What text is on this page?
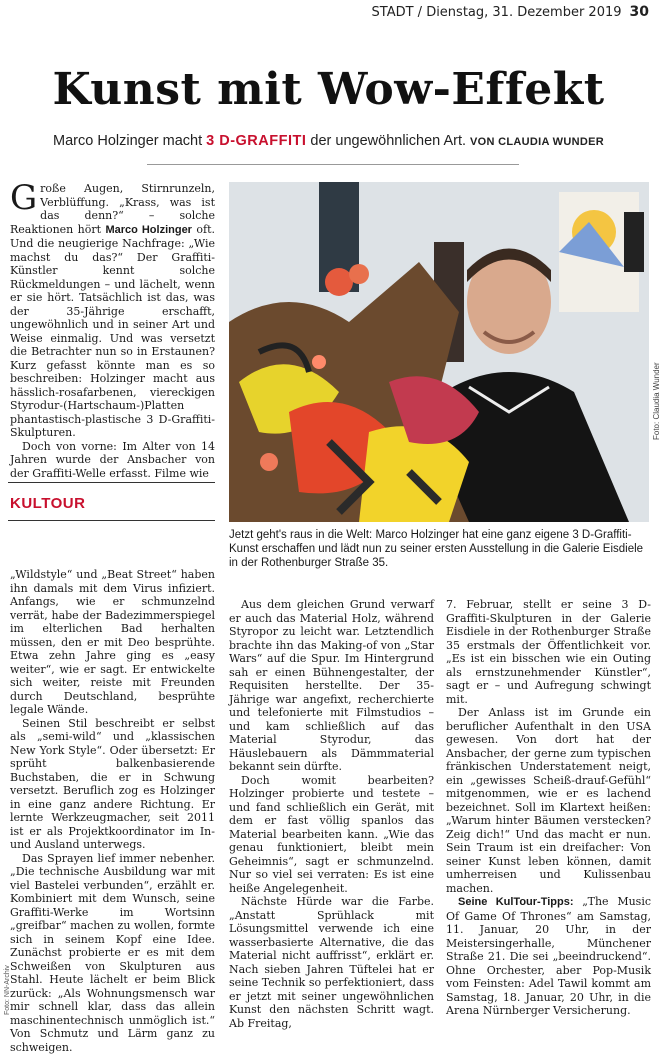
STADT / Dienstag, 31. Dezember 2019 30
Kunst mit Wow-Effekt
Marco Holzinger macht 3 D-GRAFFITI der ungewöhnlichen Art. VON CLAUDIA WUNDER

Große Augen, Stirnrunzeln, Verblüffung. „Krass, was ist das denn?“ – solche Reaktionen hört Marco Holzinger oft. Und die neugierige Nachfrage: „Wie machst du das?“ Der Graffiti-Künstler kennt solche Rückmeldungen – und lächelt, wenn er sie hört. Tatsächlich ist das, was der 35-Jährige erschafft, ungewöhnlich und in seiner Art und Weise einmalig. Und was versetzt die Betrachter nun so in Erstaunen? Kurz gefasst könnte man es so beschreiben: Holzinger macht aus hässlich-rosafarbenen, viereckigen Styrodur-(Hartschaum-)Platten phantastisch-plastische 3 D-Graffiti-Skulpturen.

Doch von vorne: Im Alter von 14 Jahren wurde der Ansbacher von der Graffiti-Welle erfasst. Filme wie

KULTOUR
Foto: Claudia Wunder
Jetzt geht's raus in die Welt: Marco Holzinger hat eine ganz eigene 3 D-Graffiti-Kunst erschaffen und lädt nun zu seiner ersten Ausstellung in die Galerie Eisdiele in der Rothenburger Straße 35.

„Wildstyle“ und „Beat Street“ haben ihn damals mit dem Virus infiziert. Anfangs, wie er schmunzelnd verrät, habe der Badezimmerspiegel im elterlichen Bad herhalten müssen, den er mit Deo besprühte. Etwa zehn Jahre ging es „easy weiter“, wie er sagt. Er entwickelte sich weiter, reiste mit Freunden durch Deutschland, besprühte legale Wände.

Seinen Stil beschreibt er selbst als „semi-wild“ und „klassischen New York Style“. Oder übersetzt: Er sprüht balkenbasierende Buchstaben, die er in Schwung versetzt. Beruflich zog es Holzinger in eine ganz andere Richtung. Er lernte Werkzeugmacher, seit 2011 ist er als Projektkoordinator im In- und Ausland unterwegs.

Das Sprayen lief immer nebenher. „Die technische Ausbildung war mit viel Bastelei verbunden“, erzählt er. Kombiniert mit dem Wunsch, seine Graffiti-Werke im Wortsinn „greifbar“ machen zu wollen, formte sich in seinem Kopf eine Idee. Zunächst probierte er es mit dem Schweißen von Skulpturen aus Stahl. Heute lächelt er beim Blick zurück: „Als Wohnungsmensch war mir schnell klar, dass das allein maschinentechnisch unmöglich ist.“ Von Schmutz und Lärm ganz zu schweigen.

Aus dem gleichen Grund verwarf er auch das Material Holz, während Styropor zu leicht war. Letztendlich brachte ihn das Making-of von „Star Wars“ auf die Spur. Im Hintergrund sah er einen Bühnengestalter, der Requisiten herstellte. Der 35-Jährige war angefixt, recherchierte und telefonierte mit Filmstudios – und kam schließlich auf das Material Styrodur, das Häuslebauern als Dämmmaterial bekannt sein dürfte.

Doch womit bearbeiten? Holzinger probierte und testete – und fand schließlich ein Gerät, mit dem er fast völlig spanlos das Material bearbeiten kann. „Wie das genau funktioniert, bleibt mein Geheimnis“, sagt er schmunzelnd. Nur so viel sei verraten: Es ist eine heiße Angelegenheit.

Nächste Hürde war die Farbe. „Anstatt Sprühlack mit Lösungsmittel verwende ich eine wasserbasierte Alternative, die das Material nicht auffrisst“, erklärt er. Nach sieben Jahren Tüftelei hat er seine Technik so perfektioniert, dass er jetzt mit seiner ungewöhnlichen Kunst den nächsten Schritt wagt. Ab Freitag,

7. Februar, stellt er seine 3 D-Graffiti-Skulpturen in der Galerie Eisdiele in der Rothenburger Straße 35 erstmals der Öffentlichkeit vor. „Es ist ein bisschen wie ein Outing als ernstzunehmender Künstler“, sagt er – und Aufregung schwingt mit.

Der Anlass ist im Grunde ein beruflicher Aufenthalt in den USA gewesen. Von dort hat der Ansbacher, der gerne zum typischen fränkischen Understatement neigt, ein „gewisses Scheiß-drauf-Gefühl“ mitgenommen, wie er es lachend bezeichnet. Soll im Klartext heißen: „Warum hinter Bäumen verstecken? Zeig dich!“ Und das macht er nun. Sein Traum ist ein dreifacher: Von seiner Kunst leben können, damit umherreisen und Kulissenbau machen.

Seine KulTour-Tipps: „The Music Of Game Of Thrones“ am Samstag, 11. Januar, 20 Uhr, in der Meistersingerhalle, Münchener Straße 21. Die sei „beeindruckend“. Ohne Orchester, aber Pop-Musik vom Feinsten: Adel Tawil kommt am Samstag, 18. Januar, 20 Uhr, in die Arena Nürnberger Versicherung.

Foto: NN-Archiv
